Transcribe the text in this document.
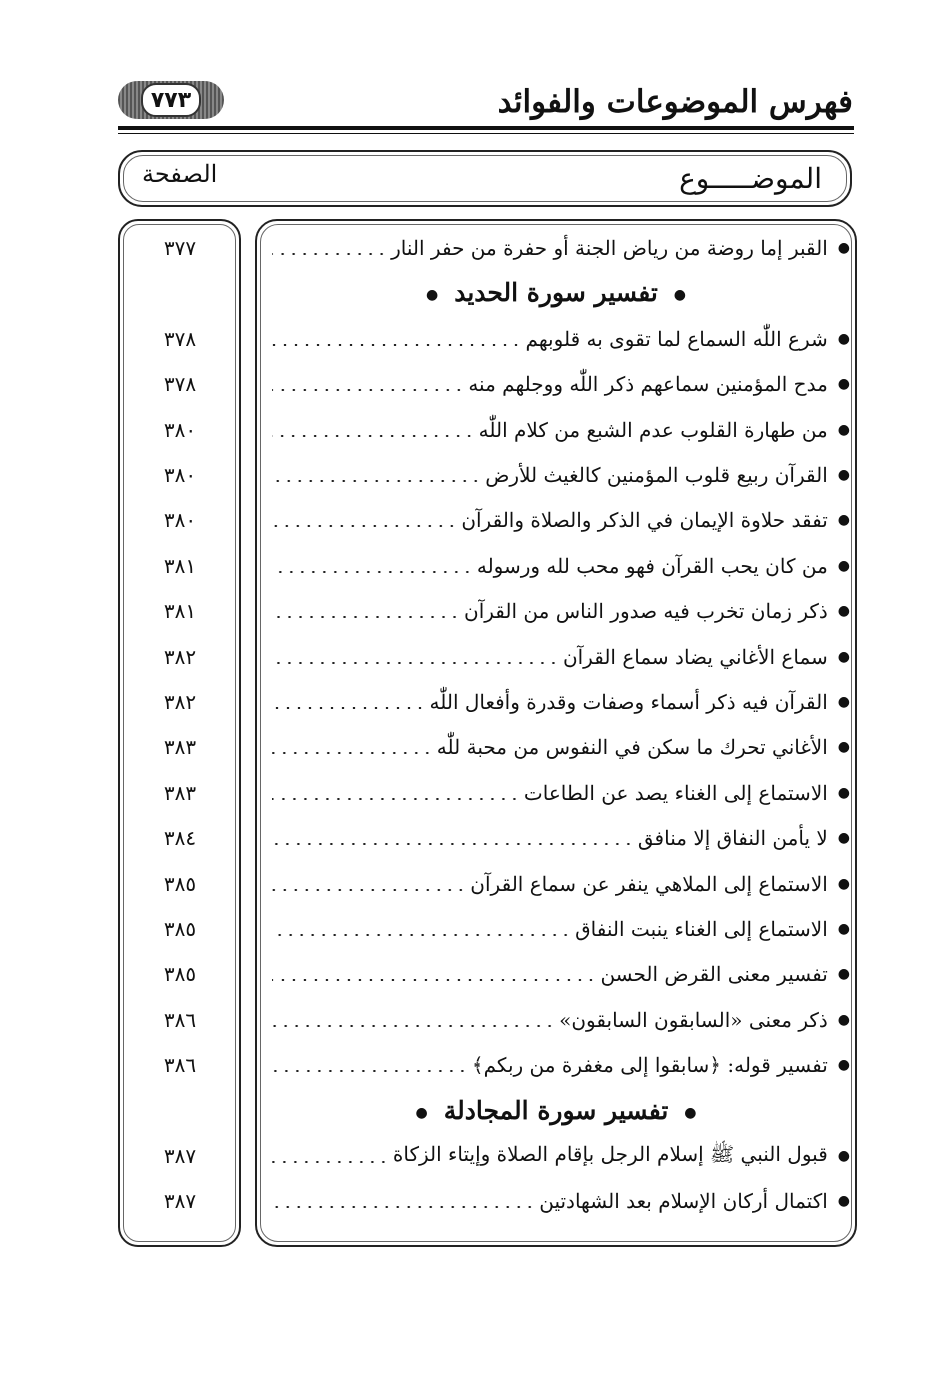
فهرس الموضوعات والفوائد
٧٧٣
الموضـــــوع
الصفحة
●
القبر إما روضة من رياض الجنة أو حفرة من حفر النار
٣٧٧
●تفسير سورة الحديد●
●
شرع اللّٰه السماع لما تقوى به قلوبهم
٣٧٨
●
مدح المؤمنين سماعهم ذكر اللّٰه ووجلهم منه
٣٧٨
●
من طهارة القلوب عدم الشبع من كلام اللّٰه
٣٨٠
●
القرآن ربيع قلوب المؤمنين كالغيث للأرض
٣٨٠
●
تفقد حلاوة الإيمان في الذكر والصلاة والقرآن
٣٨٠
●
من كان يحب القرآن فهو محب لله ورسوله
٣٨١
●
ذكر زمان تخرب فيه صدور الناس من القرآن
٣٨١
●
سماع الأغاني يضاد سماع القرآن
٣٨٢
●
القرآن فيه ذكر أسماء وصفات وقدرة وأفعال اللّٰه
٣٨٢
●
الأغاني تحرك ما سكن في النفوس من محبة للّٰه
٣٨٣
●
الاستماع إلى الغناء يصد عن الطاعات
٣٨٣
●
لا يأمن النفاق إلا منافق
٣٨٤
●
الاستماع إلى الملاهي ينفر عن سماع القرآن
٣٨٥
●
الاستماع إلى الغناء ينبت النفاق
٣٨٥
●
تفسير معنى القرض الحسن
٣٨٥
●
ذكر معنى «السابقون السابقون»
٣٨٦
●
تفسير قوله: ﴿سابقوا إلى مغفرة من ربكم﴾
٣٨٦
●تفسير سورة المجادلة●
●
قبول النبي ﷺ إسلام الرجل بإقام الصلاة وإيتاء الزكاة
٣٨٧
●
اكتمال أركان الإسلام بعد الشهادتين
٣٨٧
